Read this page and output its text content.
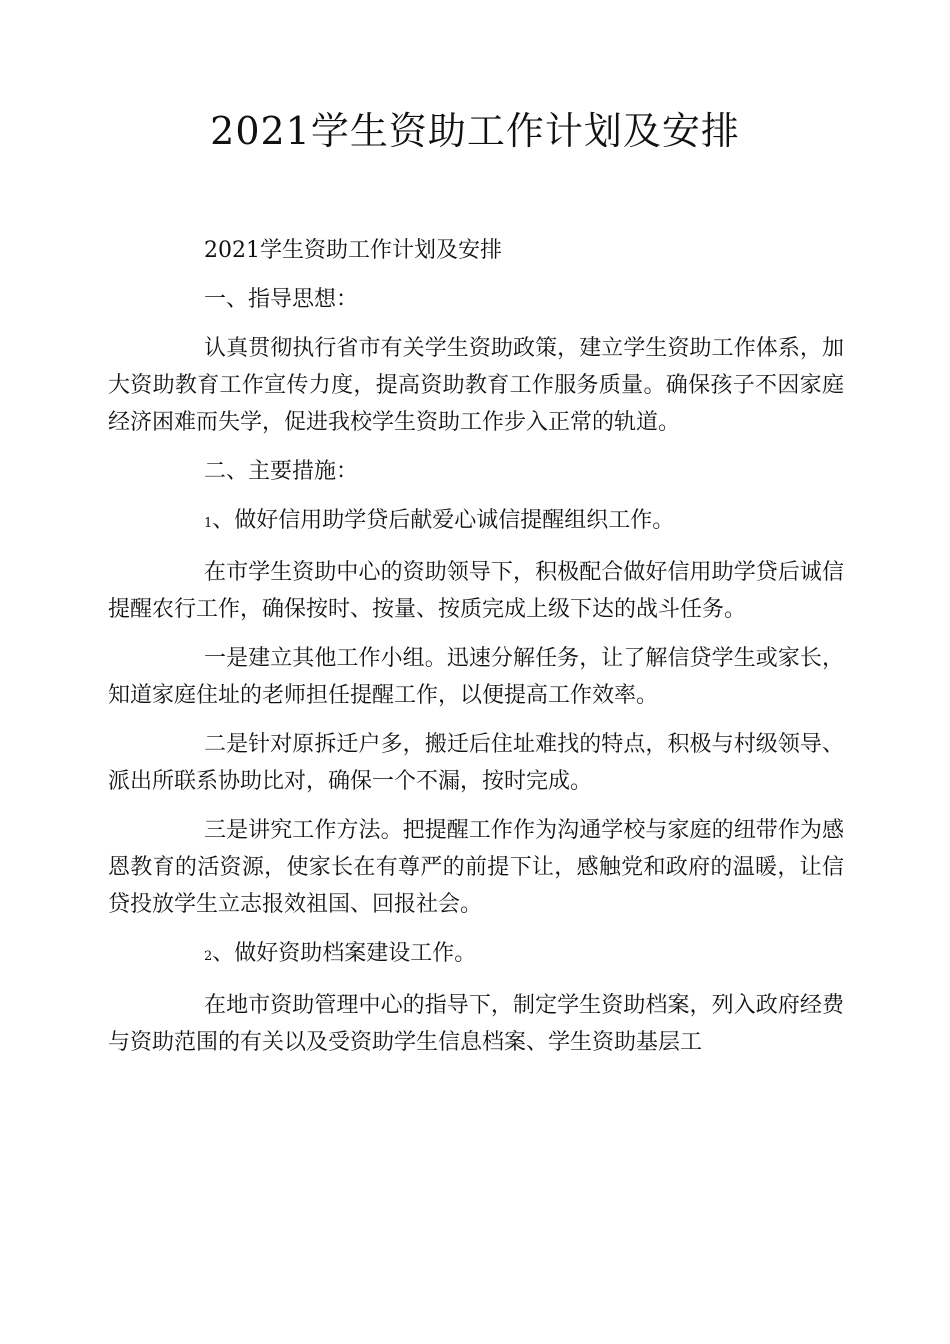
2021学生资助工作计划及安排

2021学生资助工作计划及安排

一、指导思想：

认真贯彻执行省市有关学生资助政策，建立学生资助工作体系，加大资助教育工作宣传力度，提高资助教育工作服务质量。确保孩子不因家庭经济困难而失学，促进我校学生资助工作步入正常的轨道。

二、主要措施：

1、做好信用助学贷后献爱心诚信提醒组织工作。

在市学生资助中心的资助领导下，积极配合做好信用助学贷后诚信提醒农行工作，确保按时、按量、按质完成上级下达的战斗任务。

一是建立其他工作小组。迅速分解任务，让了解信贷学生或家长，知道家庭住址的老师担任提醒工作，以便提高工作效率。

二是针对原拆迁户多，搬迁后住址难找的特点，积极与村级领导、派出所联系协助比对，确保一个不漏，按时完成。

三是讲究工作方法。把提醒工作作为沟通学校与家庭的纽带作为感恩教育的活资源，使家长在有尊严的前提下让，感触党和政府的温暖，让信贷投放学生立志报效祖国、回报社会。

2、做好资助档案建设工作。

在地市资助管理中心的指导下，制定学生资助档案，列入政府经费与资助范围的有关以及受资助学生信息档案、学生资助基层工
